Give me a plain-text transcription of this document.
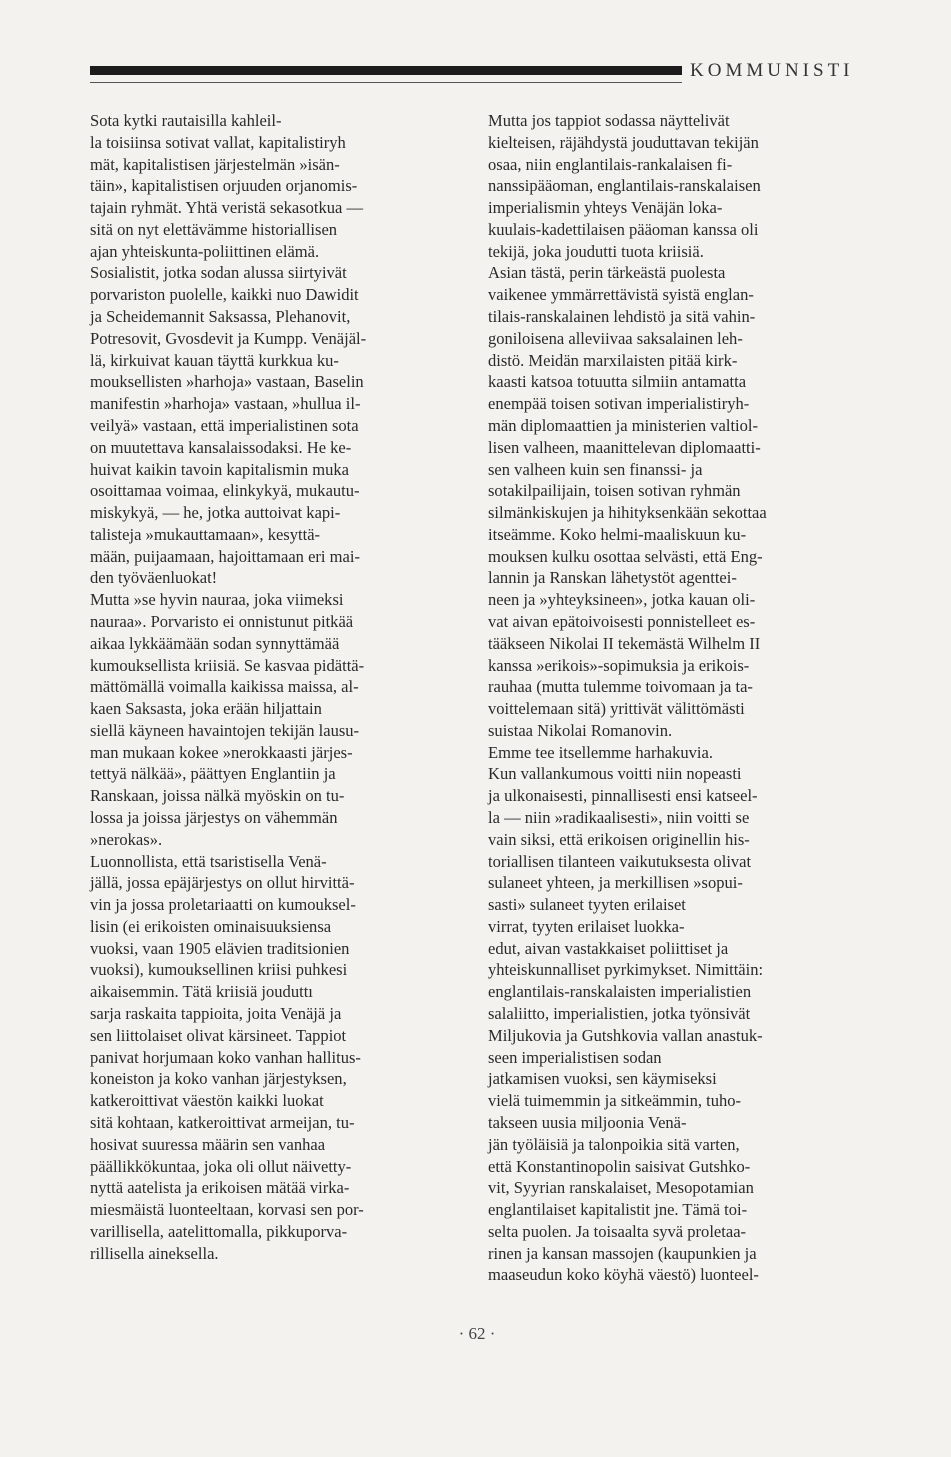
KOMMUNISTI

Sota kytki rautaisilla kahleil-

la toisiinsa sotivat vallat, kapitalistiryh

mät, kapitalistisen järjestelmän »isän-

täin», kapitalistisen orjuuden orjanomis-

tajain ryhmät. Yhtä veristä sekasotkua —

sitä on nyt elettävämme historiallisen

ajan yhteiskunta-poliittinen elämä.

Sosialistit, jotka sodan alussa siirtyivät

porvariston puolelle, kaikki nuo Dawidit

ja Scheidemannit Saksassa, Plehanovit,

Potresovit, Gvosdevit ja Kumpp. Venäjäl-

lä, kirkuivat kauan täyttä kurkkua ku-

mouksellisten »harhoja» vastaan, Baselin

manifestin »harhoja» vastaan, »hullua il-

veilyä» vastaan, että imperialistinen sota

on muutettava kansalaissodaksi. He ke-

huivat kaikin tavoin kapitalismin muka

osoittamaa voimaa, elinkykyä, mukautu-

miskykyä, — he, jotka auttoivat kapi-

talisteja »mukauttamaan», kesyttä-

mään, puijaamaan, hajoittamaan eri mai-

den työväenluokat!

Mutta »se hyvin nauraa, joka viimeksi

nauraa». Porvaristo ei onnistunut pitkää

aikaa lykkäämään sodan synnyttämää

kumouksellista kriisiä. Se kasvaa pidättä-

mättömällä voimalla kaikissa maissa, al-

kaen Saksasta, joka erään hiljattain

siellä käyneen havaintojen tekijän lausu-

man mukaan kokee »nerokkaasti järjes-

tettyä nälkää», päättyen Englantiin ja

Ranskaan, joissa nälkä myöskin on tu-

lossa ja joissa järjestys on vähemmän

»nerokas».

Luonnollista, että tsaristisella Venä-

jällä, jossa epäjärjestys on ollut hirvittä-

vin ja jossa proletariaatti on kumouksel-

lisin (ei erikoisten ominaisuuksiensa

vuoksi, vaan 1905 elävien traditsionien

vuoksi), kumouksellinen kriisi puhkesi

aikaisemmin. Tätä kriisiä jouduttı

sarja raskaita tappioita, joita Venäjä ja

sen liittolaiset olivat kärsineet. Tappiot

panivat horjumaan koko vanhan hallitus-

koneiston ja koko vanhan järjestyksen,

katkeroittivat väestön kaikki luokat

sitä kohtaan, katkeroittivat armeijan, tu-

hosivat suuressa määrin sen vanhaa

päällikkökuntaa, joka oli ollut näivetty-

nyttä aatelista ja erikoisen mätää virka-

miesmäistä luonteeltaan, korvasi sen por-

varillisella, aatelittomalla, pikkuporva-

rillisella aineksella.

Mutta jos tappiot sodassa näyttelivät

kielteisen, räjähdystä jouduttavan tekijän

osaa, niin englantilais-rankalaisen fi-

nanssipääoman, englantilais-ranskalaisen

imperialismin yhteys Venäjän loka-

kuulais-kadettilaisen pääoman kanssa oli

tekijä, joka joudutti tuota kriisiä.

Asian tästä, perin tärkeästä puolesta

vaikenee ymmärrettävistä syistä englan-

tilais-ranskalainen lehdistö ja sitä vahin-

goniloisena alleviivaa saksalainen leh-

distö. Meidän marxilaisten pitää kirk-

kaasti katsoa totuutta silmiin antamatta

enempää toisen sotivan imperialistiryh-

män diplomaattien ja ministerien valtiol-

lisen valheen, maanittelevan diplomaatti-

sen valheen kuin sen finanssi- ja

sotakilpailijain, toisen sotivan ryhmän

silmänkiskujen ja hihityksenkään sekottaa

itseämme. Koko helmi-maaliskuun ku-

mouksen kulku osottaa selvästi, että Eng-

lannin ja Ranskan lähetystöt agenttei-

neen ja »yhteyksineen», jotka kauan oli-

vat aivan epätoivoisesti ponnistelleet es-

tääkseen Nikolai II tekemästä Wilhelm II

kanssa »erikois»-sopimuksia ja erikois-

rauhaa (mutta tulemme toivomaan ja ta-

voittelemaan sitä) yrittivät välittömästi

suistaa Nikolai Romanovin.

Emme tee itsellemme harhakuvia.

Kun vallankumous voitti niin nopeasti

ja ulkonaisesti, pinnallisesti ensi katseel-

la — niin »radikaalisesti», niin voitti se

vain siksi, että erikoisen originellin his-

toriallisen tilanteen vaikutuksesta olivat

sulaneet yhteen, ja merkillisen »sopui-

sasti» sulaneet tyyten erilaiset

virrat, tyyten erilaiset luokka-

edut, aivan vastakkaiset poliittiset ja

yhteiskunnalliset pyrkimykset. Nimittäin:

englantilais-ranskalaisten imperialistien

salaliitto, imperialistien, jotka työnsivät

Miljukovia ja Gutshkovia vallan anastuk-

seen imperialistisen sodan

jatkamisen vuoksi, sen käymiseksi

vielä tuimemmin ja sitkeämmin, tuho-

takseen uusia miljoonia Venä-

jän työläisiä ja talonpoikia sitä varten,

että Konstantinopolin saisivat Gutshko-

vit, Syyrian ranskalaiset, Mesopotamian

englantilaiset kapitalistit jne. Tämä toi-

selta puolen. Ja toisaalta syvä proletaa-

rinen ja kansan massojen (kaupunkien ja

maaseudun koko köyhä väestö) luonteel-

· 62 ·
